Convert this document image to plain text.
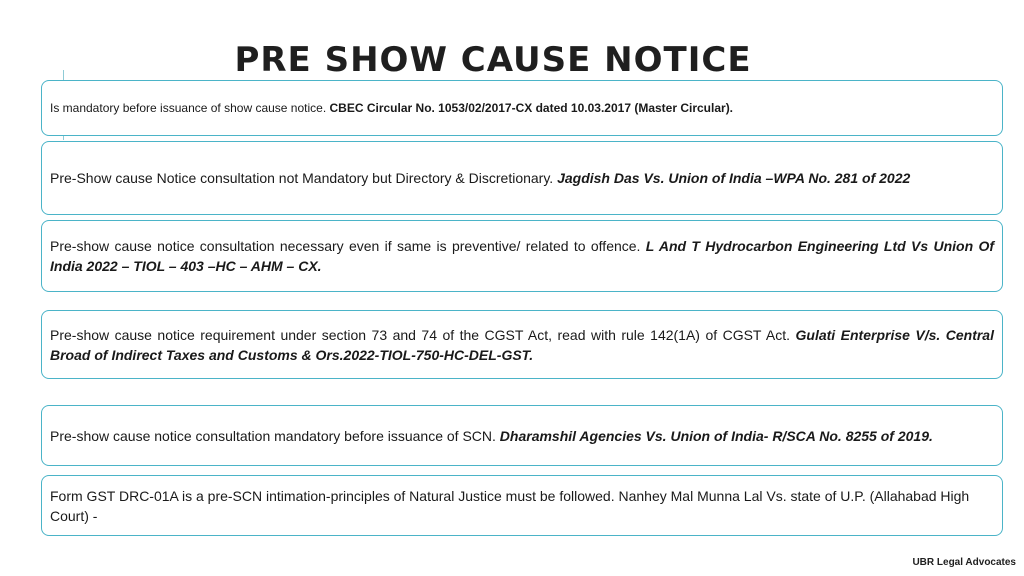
PRE SHOW CAUSE NOTICE

Is mandatory before issuance of show cause notice. CBEC Circular No. 1053/02/2017-CX dated 10.03.2017 (Master Circular).

Pre-Show cause Notice consultation not Mandatory but Directory & Discretionary. Jagdish Das Vs. Union of India –WPA No. 281 of 2022

Pre-show cause notice consultation necessary even if same is preventive/ related to offence. L And T Hydrocarbon Engineering Ltd Vs Union Of India 2022 – TIOL – 403 –HC – AHM – CX.

Pre-show cause notice requirement under section 73 and 74 of the CGST Act, read with rule 142(1A) of CGST Act. Gulati Enterprise V/s. Central Broad of Indirect Taxes and Customs & Ors.2022-TIOL-750-HC-DEL-GST.

Pre-show cause notice consultation mandatory before issuance of SCN. Dharamshil Agencies Vs. Union of India- R/SCA No. 8255 of 2019.

Form GST DRC-01A is a pre-SCN intimation-principles of Natural Justice must be followed. Nanhey Mal Munna Lal Vs. state of U.P. (Allahabad High Court) -

UBR Legal Advocates
